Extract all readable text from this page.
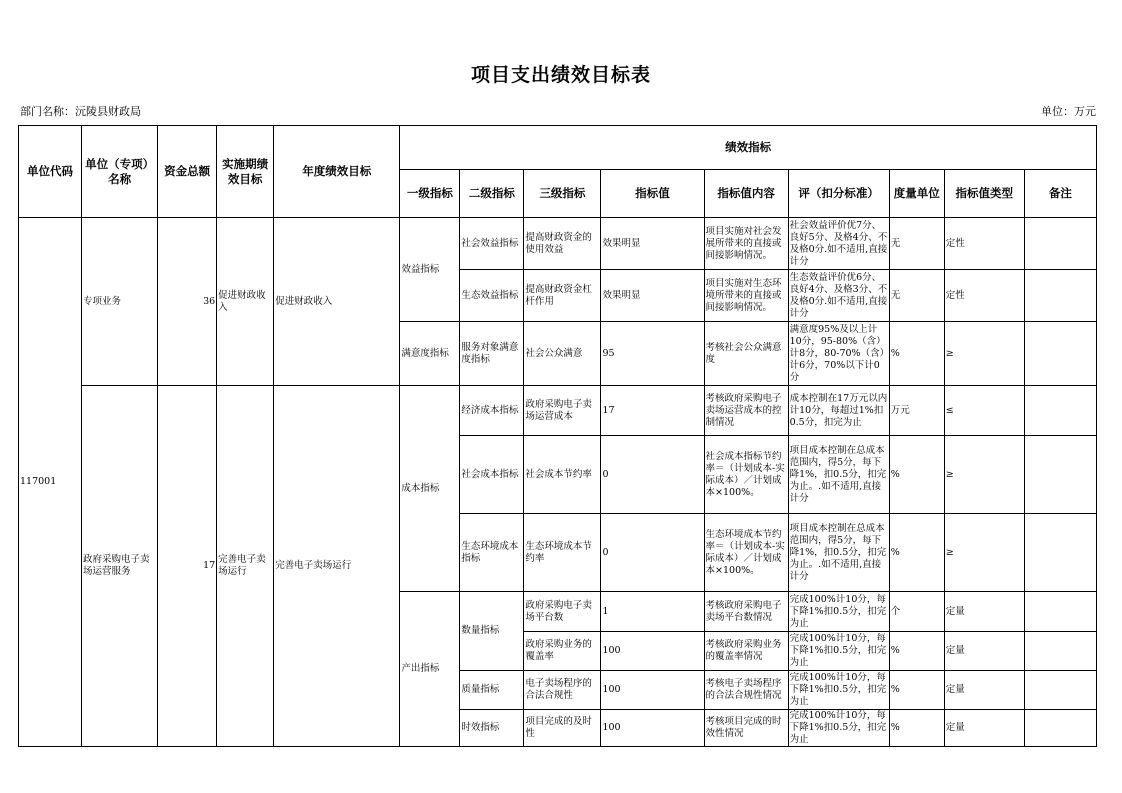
项目支出绩效目标表
部门名称：沅陵县财政局	单位：万元
单位代码	单位（专项）名称	资金总额	实施期绩效目标	年度绩效目标	绩效指标								
					一级指标	二级指标	三级指标	指标值	指标值内容	评（扣分标准）	度量单位	指标值类型	备注
117001	专项业务	36	促进财政收入	促进财政收入	效益指标	社会效益指标	提高财政资金的使用效益	效果明显	项目实施对社会发展所带来的直接或间接影响情况。	社会效益评价优7分、良好5分、及格4分、不及格0分.如不适用,直接计分	无	定性	
						生态效益指标	提高财政资金杠杆作用	效果明显	项目实施对生态环境所带来的直接或间接影响情况。	生态效益评价优6分、良好4分、及格3分、不及格0分.如不适用,直接计分	无	定性	
					满意度指标	服务对象满意度指标	社会公众满意	95	考核社会公众满意度	满意度95%及以上计10分，95-80%（含）计8分，80-70%（含）计6分，70%以下计0分	%	≥	
	政府采购电子卖场运营服务	17	完善电子卖场运行	完善电子卖场运行	成本指标	经济成本指标	政府采购电子卖场运营成本	17	考核政府采购电子卖场运营成本的控制情况	成本控制在17万元以内计10分，每超过1%扣0.5分，扣完为止	万元	≤	
						社会成本指标	社会成本节约率	0	社会成本指标节约率＝（计划成本-实际成本）／计划成本×100%。	项目成本控制在总成本范围内，得5分，每下降1%，扣0.5分，扣完为止。.如不适用,直接计分	%	≥	
						生态环境成本指标	生态环境成本节约率	0	生态环境成本节约率＝（计划成本-实际成本）／计划成本×100%。	项目成本控制在总成本范围内，得5分，每下降1%，扣0.5分，扣完为止。.如不适用,直接计分	%	≥	
					产出指标	数量指标	政府采购电子卖场平台数	1	考核政府采购电子卖场平台数情况	完成100%计10分，每下降1%扣0.5分，扣完为止	个	定量	
							政府采购业务的覆盖率	100	考核政府采购业务的覆盖率情况	完成100%计10分，每下降1%扣0.5分，扣完为止	%	定量	
						质量指标	电子卖场程序的合法合规性	100	考核电子卖场程序的合法合规性情况	完成100%计10分，每下降1%扣0.5分，扣完为止	%	定量	
						时效指标	项目完成的及时性	100	考核项目完成的时效性情况	完成100%计10分，每下降1%扣0.5分，扣完为止	%	定量	
